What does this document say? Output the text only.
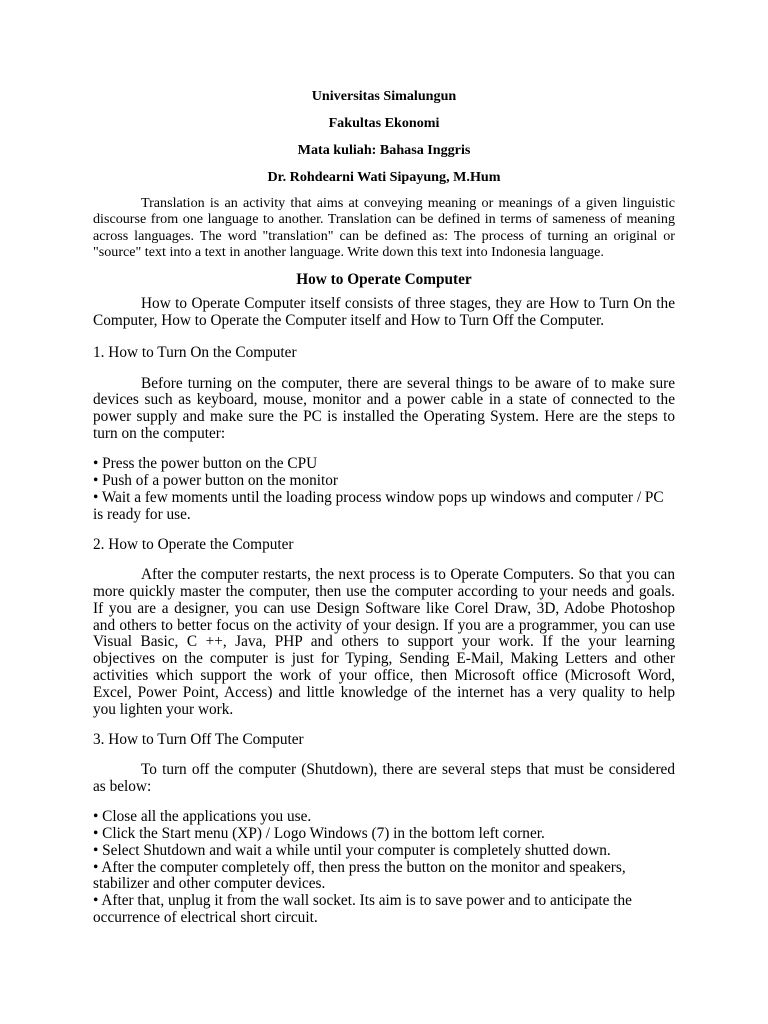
Universitas Simalungun
Fakultas Ekonomi
Mata kuliah: Bahasa Inggris
Dr. Rohdearni Wati Sipayung, M.Hum
Translation is an activity that aims at conveying meaning or meanings of a given linguistic
discourse from one language to another. Translation can be defined in terms of sameness of meaning
across languages. The word "translation" can be defined as: The process of turning an original or
"source" text into a text in another language. Write down this text into Indonesia language.
How to Operate Computer
How to Operate Computer itself consists of three stages, they are How to Turn On the
Computer, How to Operate the Computer itself and How to Turn Off the Computer.
1. How to Turn On the Computer
Before turning on the computer, there are several things to be aware of to make sure
devices such as keyboard, mouse, monitor and a power cable in a state of connected to the
power supply and make sure the PC is installed the Operating System. Here are the steps to
turn on the computer:
• Press the power button on the CPU
• Push of a power button on the monitor
• Wait a few moments until the loading process window pops up windows and computer / PC
is ready for use.
2. How to Operate the Computer
After the computer restarts, the next process is to Operate Computers. So that you can
more quickly master the computer, then use the computer according to your needs and goals.
If you are a designer, you can use Design Software like Corel Draw, 3D, Adobe Photoshop
and others to better focus on the activity of your design. If you are a programmer, you can use
Visual Basic, C ++, Java, PHP and others to support your work. If the your learning
objectives on the computer is just for Typing, Sending E-Mail, Making Letters and other
activities which support the work of your office, then Microsoft office (Microsoft Word,
Excel, Power Point, Access) and little knowledge of the internet has a very quality to help
you lighten your work.
3. How to Turn Off The Computer
To turn off the computer (Shutdown), there are several steps that must be considered
as below:
• Close all the applications you use.
• Click the Start menu (XP) / Logo Windows (7) in the bottom left corner.
• Select Shutdown and wait a while until your computer is completely shutted down.
• After the computer completely off, then press the button on the monitor and speakers,
stabilizer and other computer devices.
• After that, unplug it from the wall socket. Its aim is to save power and to anticipate the
occurrence of electrical short circuit.
